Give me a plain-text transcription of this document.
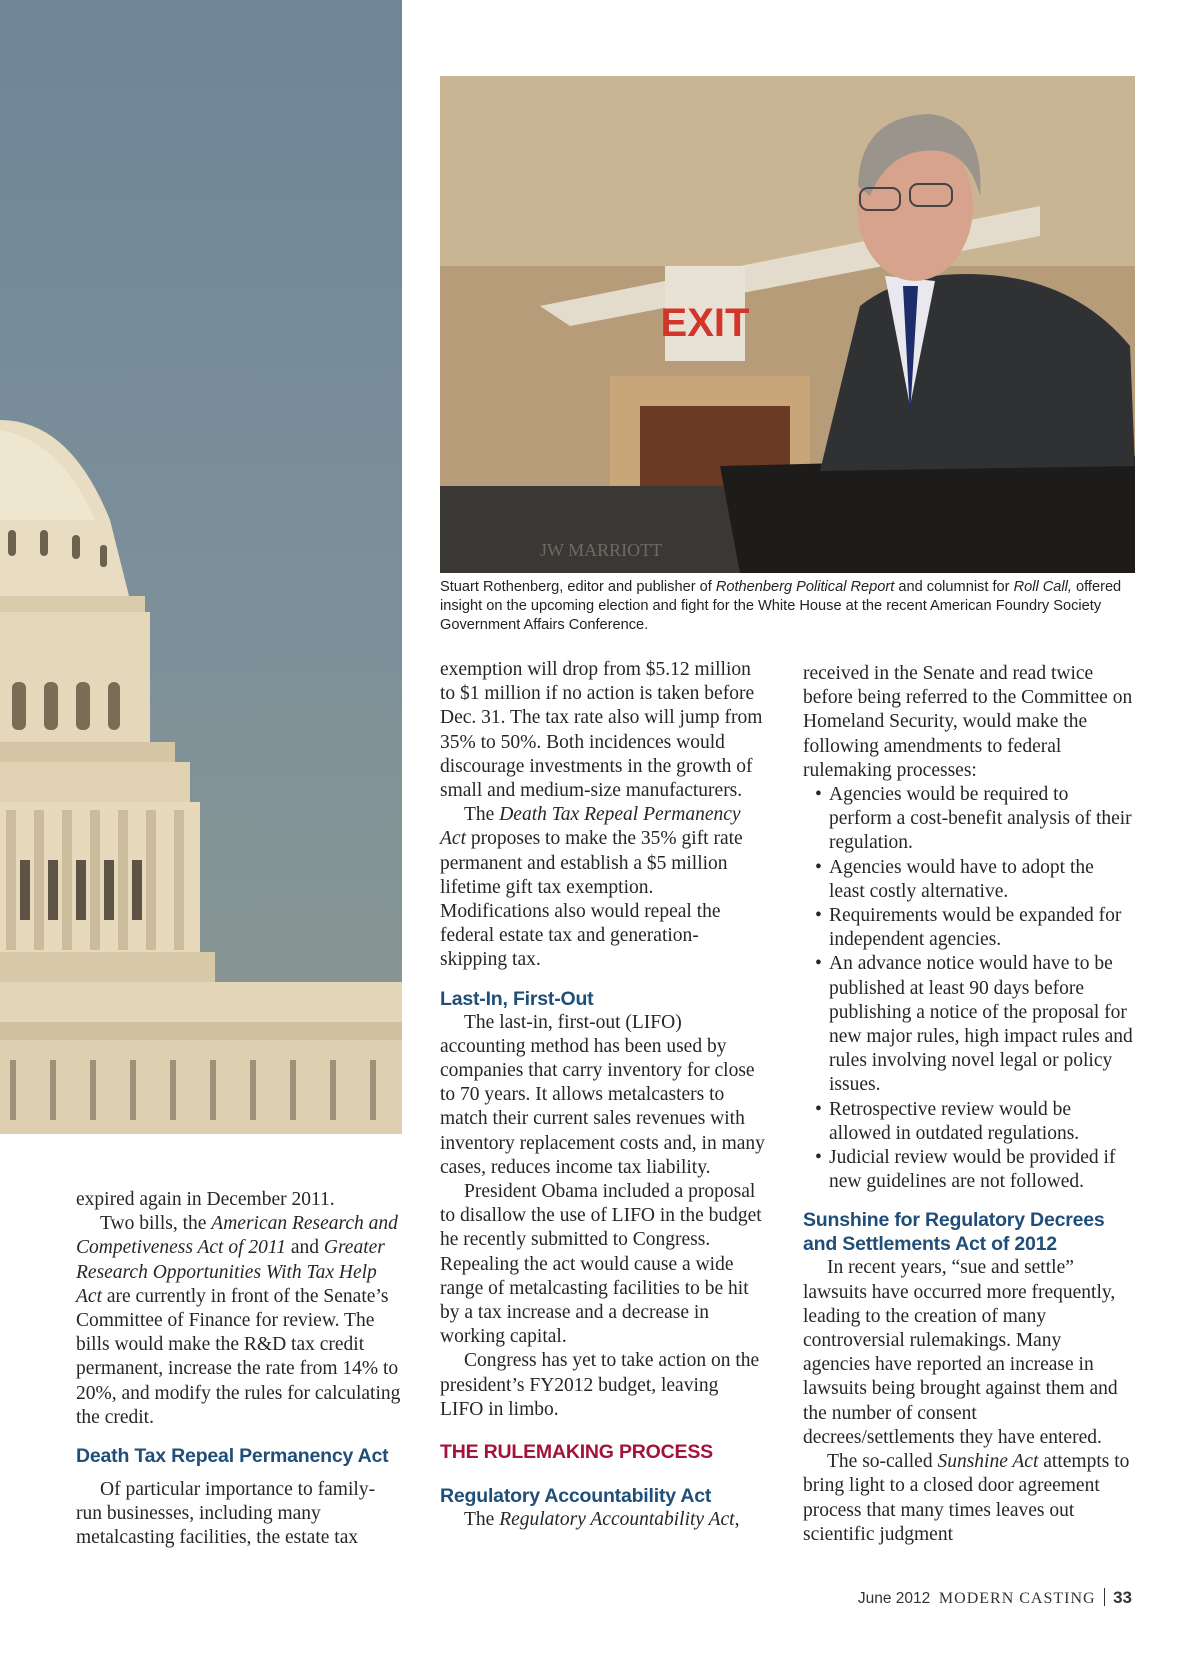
EXIT
JW MARRIOTT
Stuart Rothenberg, editor and publisher of Rothenberg Political Report and columnist for Roll Call, offered insight on the upcoming election and fight for the White House at the recent American Foundry Society Government Affairs Conference.

expired again in December 2011.

Two bills, the American Research and Competiveness Act of 2011 and Greater Research Opportunities With Tax Help Act are currently in front of the Senate’s Committee of Finance for review. The bills would make the R&D tax credit permanent, increase the rate from 14% to 20%, and modify the rules for calculating the credit.

Death Tax Repeal Permanency Act

Of particular importance to family-run businesses, including many metalcasting facilities, the estate tax

exemption will drop from $5.12 million to $1 million if no action is taken before Dec. 31. The tax rate also will jump from 35% to 50%. Both incidences would discourage investments in the growth of small and medium-size manufacturers.

The Death Tax Repeal Permanency Act proposes to make the 35% gift rate permanent and establish a $5 million lifetime gift tax exemption. Modifications also would repeal the federal estate tax and generation-skipping tax.

Last-In, First-Out

The last-in, first-out (LIFO) accounting method has been used by companies that carry inventory for close to 70 years. It allows metalcasters to match their current sales revenues with inventory replacement costs and, in many cases, reduces income tax liability.

President Obama included a proposal to disallow the use of LIFO in the budget he recently submitted to Congress. Repealing the act would cause a wide range of metalcasting facilities to be hit by a tax increase and a decrease in working capital.

Congress has yet to take action on the president’s FY2012 budget, leaving LIFO in limbo.

THE RULEMAKING PROCESS

Regulatory Accountability Act

The Regulatory Accountability Act,

received in the Senate and read twice before being referred to the Committee on Homeland Security, would make the following amendments to federal rulemaking processes:

• Agencies would be required to perform a cost-benefit analysis of their regulation.
• Agencies would have to adopt the least costly alternative.
• Requirements would be expanded for independent agencies.
• An advance notice would have to be published at least 90 days before publishing a notice of the proposal for new major rules, high impact rules and rules involving novel legal or policy issues.
• Retrospective review would be allowed in outdated regulations.
• Judicial review would be provided if new guidelines are not followed.

Sunshine for Regulatory Decrees and Settlements Act of 2012

In recent years, “sue and settle” lawsuits have occurred more frequently, leading to the creation of many controversial rulemakings. Many agencies have reported an increase in lawsuits being brought against them and the number of consent decrees/settlements they have entered.

The so-called Sunshine Act attempts to bring light to a closed door agreement process that many times leaves out scientific judgment

June 2012 MODERN CASTING 33
